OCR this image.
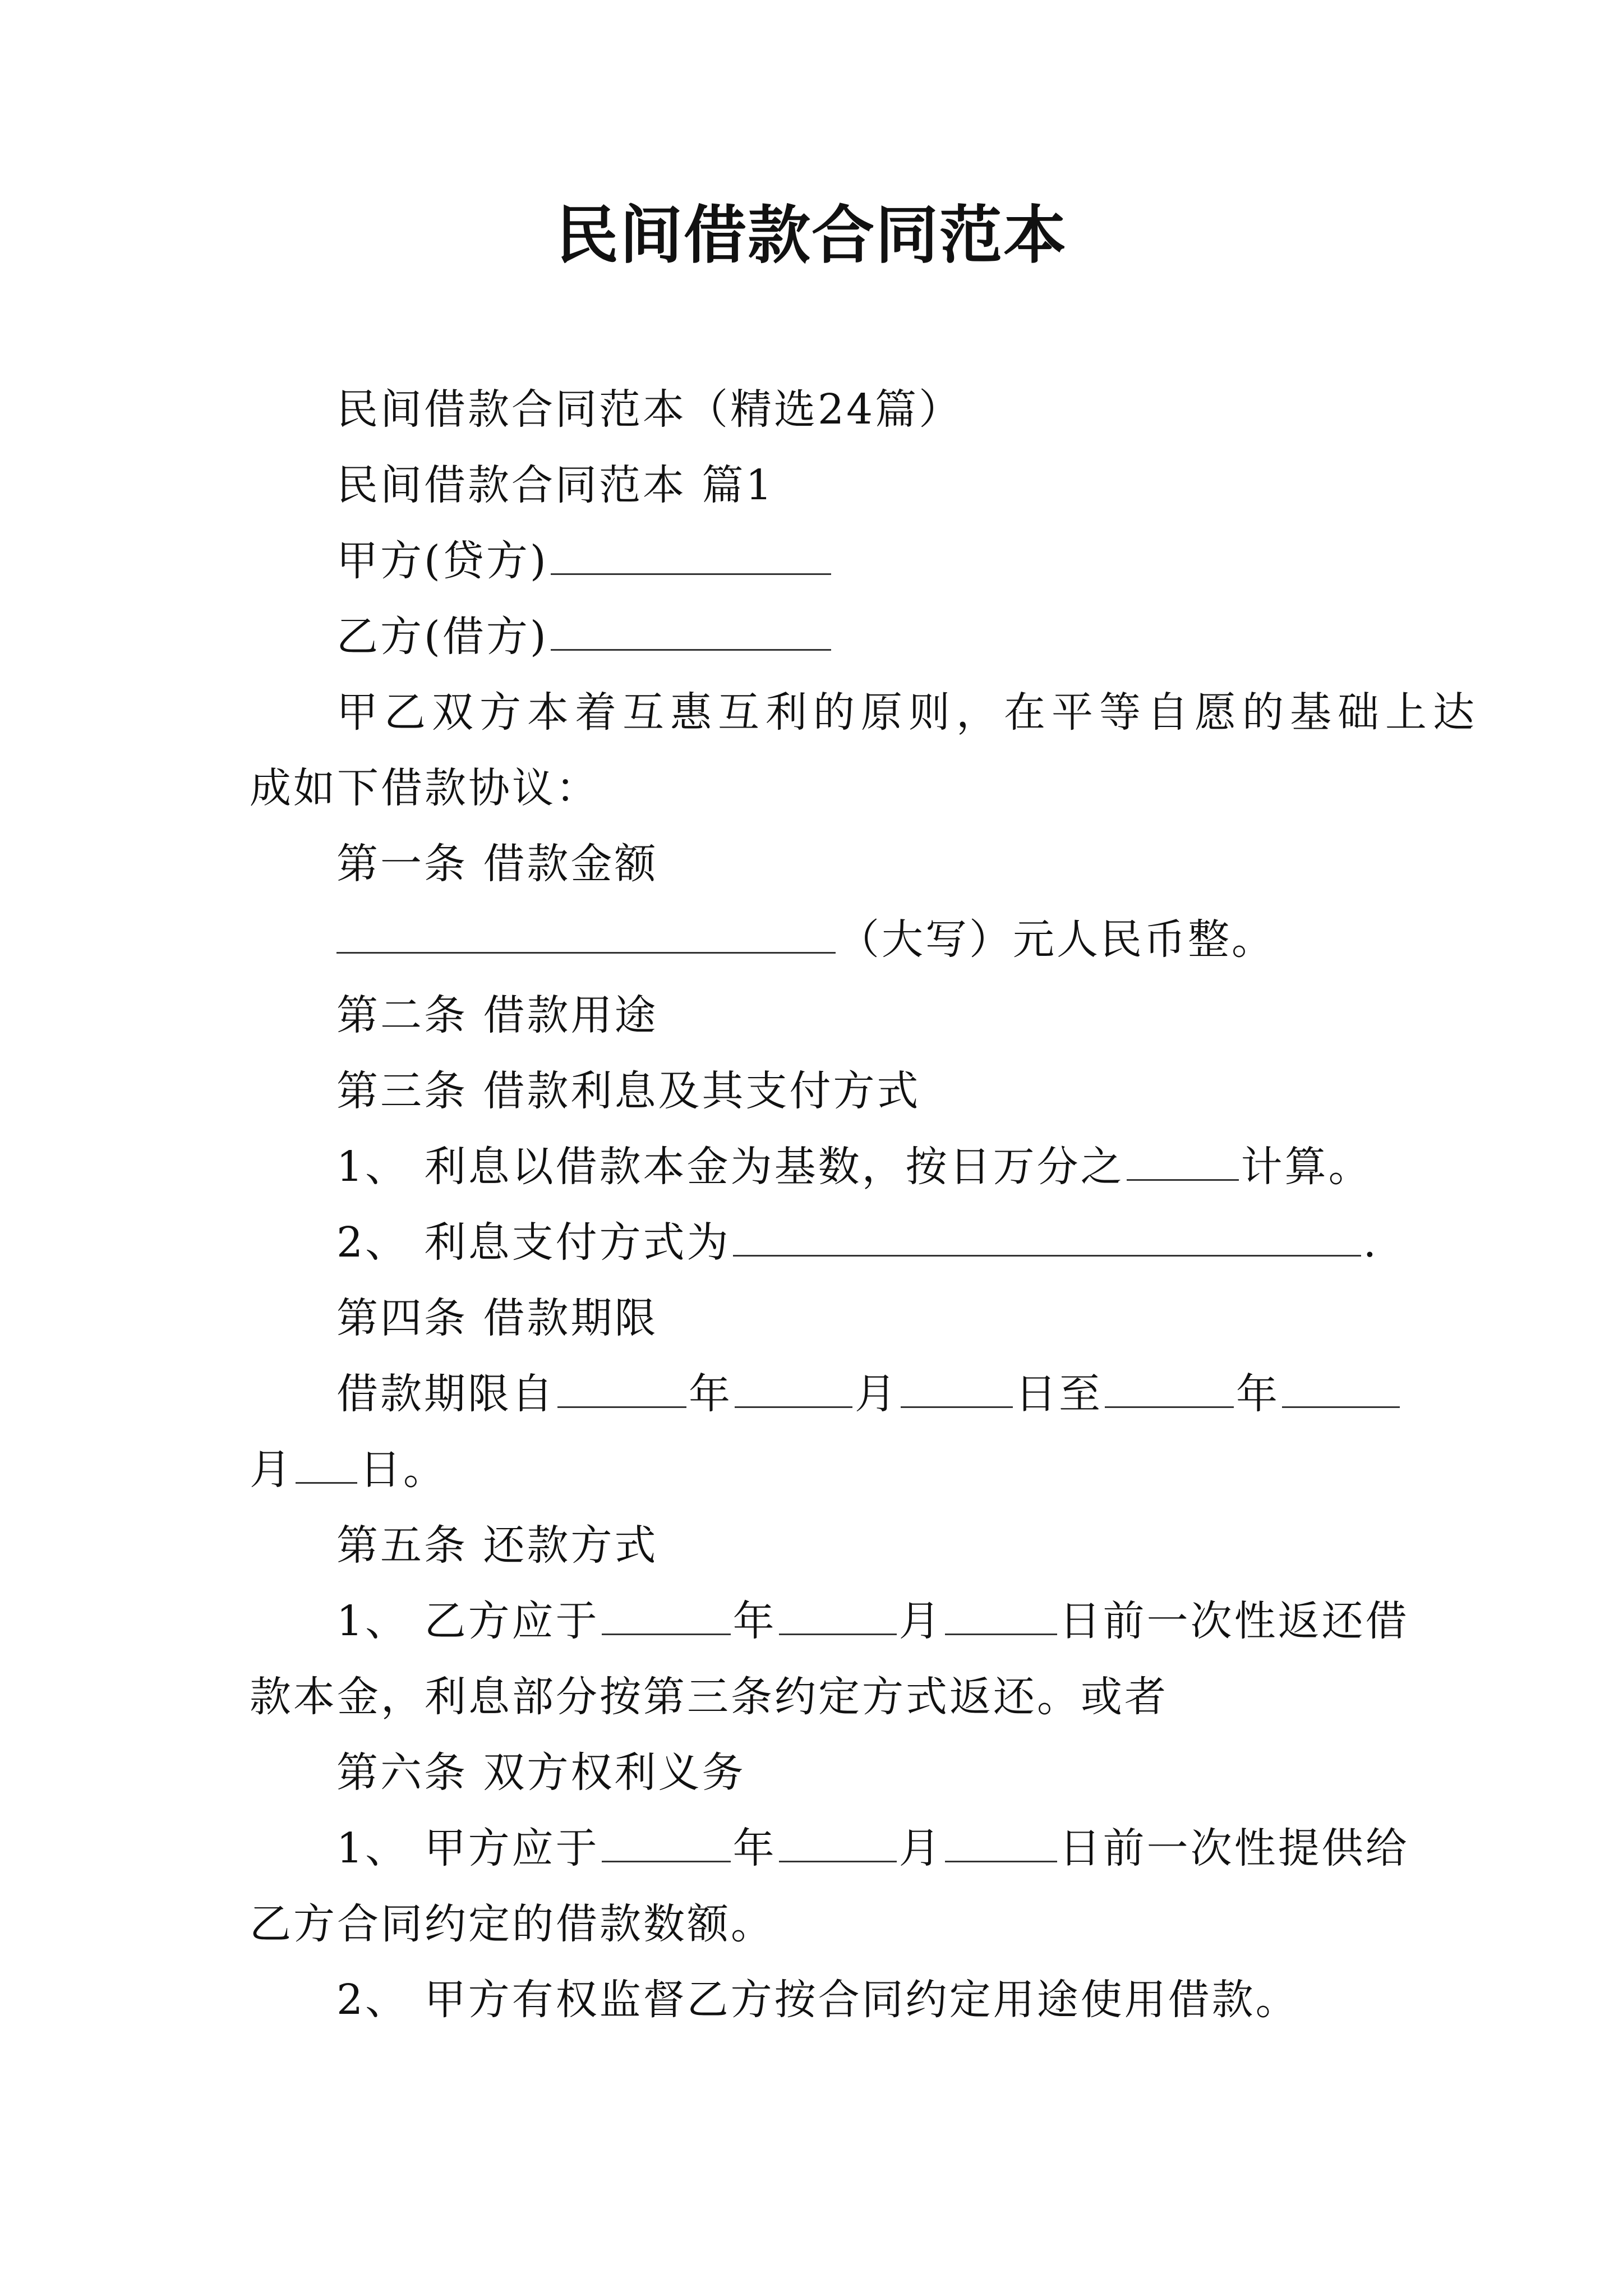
民间借款合同范本
民间借款合同范本（精选24篇）
民间借款合同范本 篇1
甲方(贷方)
乙方(借方)
甲乙双方本着互惠互利的原则，在平等自愿的基础上达
成如下借款协议：
第一条 借款金额
（大写）元人民币整。
第二条 借款用途
第三条 借款利息及其支付方式
1、 利息以借款本金为基数，按日万分之	计算。
2、 利息支付方式为	.
第四条 借款期限
借款期限自	年	月	日至	年
月 日。
第五条 还款方式
1、 乙方应于	年	月	日前一次性返还借
款本金，利息部分按第三条约定方式返还。或者
第六条 双方权利义务
1、 甲方应于	年	月	日前一次性提供给
乙方合同约定的借款数额。
2、 甲方有权监督乙方按合同约定用途使用借款。
